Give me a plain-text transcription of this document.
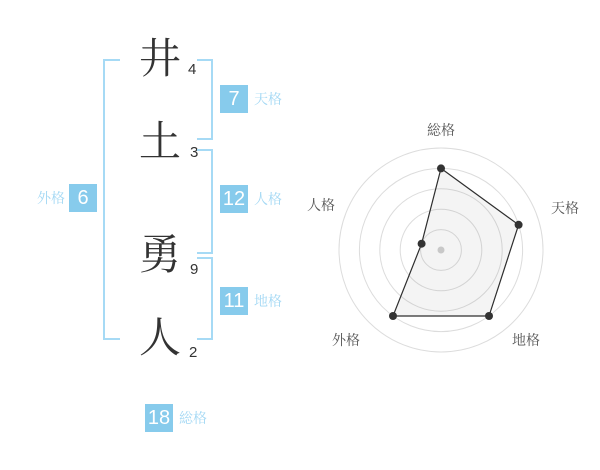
井
土
勇
人
4
3
9
2
7	天格
12 人格
11 地格
外格 6
18 総格
総格
天格
地格
外格
人格
